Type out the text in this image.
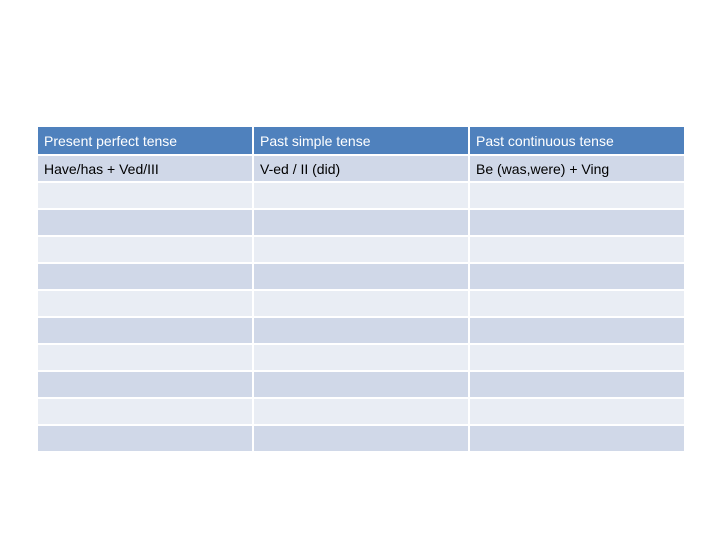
Present perfect tense	Past simple tense	Past continuous tense
Have/has + Ved/III	V-ed / II (did)	Be (was,were) + Ving
